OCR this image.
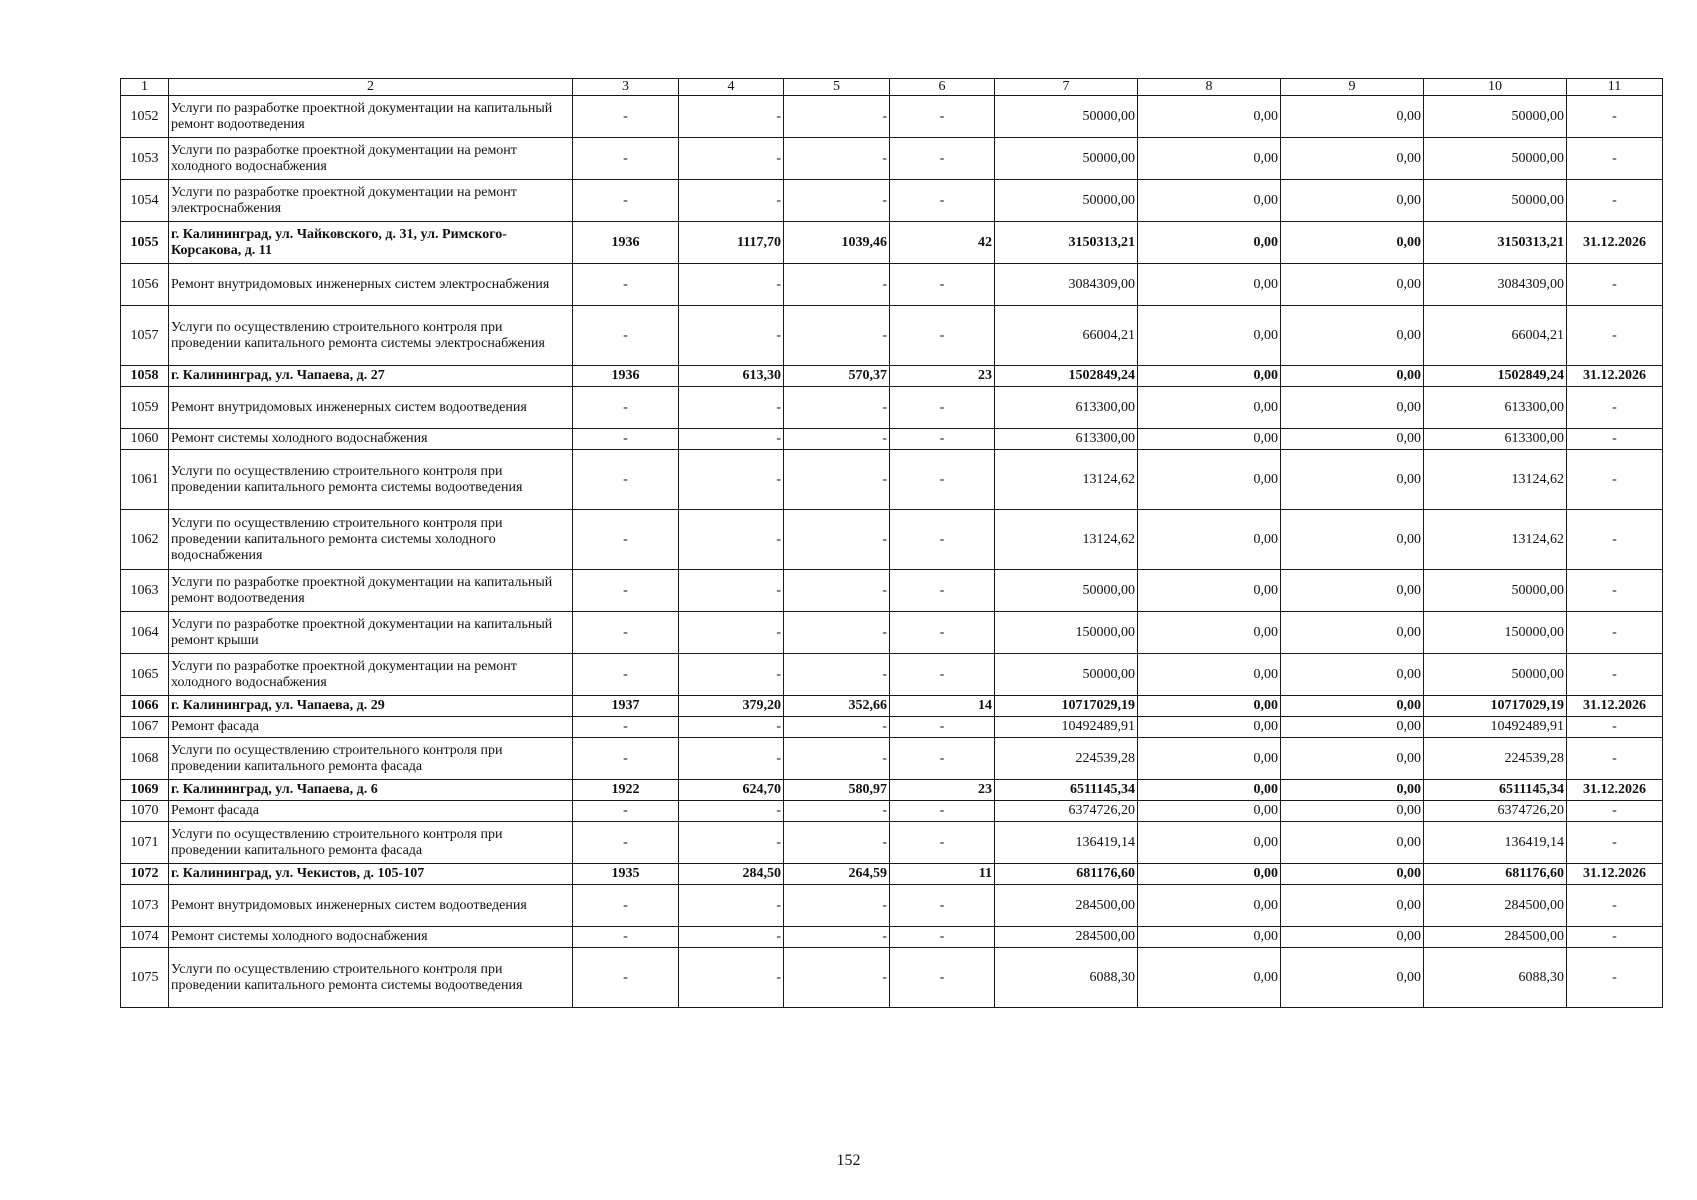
1	2	3	4	5	6	7	8	9	10	11
1052	Услуги по разработке проектной документации на капитальный ремонт водоотведения	-	-	-	-	50000,00	0,00	0,00	50000,00	-
1053	Услуги по разработке проектной документации на ремонт холодного водоснабжения	-	-	-	-	50000,00	0,00	0,00	50000,00	-
1054	Услуги по разработке проектной документации на ремонт электроснабжения	-	-	-	-	50000,00	0,00	0,00	50000,00	-
1055	г. Калининград, ул. Чайковского, д. 31, ул. Римского-Корсакова, д. 11	1936	1117,70	1039,46	42	3150313,21	0,00	0,00	3150313,21	31.12.2026
1056	Ремонт внутридомовых инженерных систем электроснабжения	-	-	-	-	3084309,00	0,00	0,00	3084309,00	-
1057	Услуги по осуществлению строительного контроля при проведении капитального ремонта системы электроснабжения	-	-	-	-	66004,21	0,00	0,00	66004,21	-
1058	г. Калининград, ул. Чапаева, д. 27	1936	613,30	570,37	23	1502849,24	0,00	0,00	1502849,24	31.12.2026
1059	Ремонт внутридомовых инженерных систем водоотведения	-	-	-	-	613300,00	0,00	0,00	613300,00	-
1060	Ремонт системы холодного водоснабжения	-	-	-	-	613300,00	0,00	0,00	613300,00	-
1061	Услуги по осуществлению строительного контроля при проведении капитального ремонта системы водоотведения	-	-	-	-	13124,62	0,00	0,00	13124,62	-
1062	Услуги по осуществлению строительного контроля при проведении капитального ремонта системы холодного водоснабжения	-	-	-	-	13124,62	0,00	0,00	13124,62	-
1063	Услуги по разработке проектной документации на капитальный ремонт водоотведения	-	-	-	-	50000,00	0,00	0,00	50000,00	-
1064	Услуги по разработке проектной документации на капитальный ремонт крыши	-	-	-	-	150000,00	0,00	0,00	150000,00	-
1065	Услуги по разработке проектной документации на ремонт холодного водоснабжения	-	-	-	-	50000,00	0,00	0,00	50000,00	-
1066	г. Калининград, ул. Чапаева, д. 29	1937	379,20	352,66	14	10717029,19	0,00	0,00	10717029,19	31.12.2026
1067	Ремонт фасада	-	-	-	-	10492489,91	0,00	0,00	10492489,91	-
1068	Услуги по осуществлению строительного контроля при проведении капитального ремонта фасада	-	-	-	-	224539,28	0,00	0,00	224539,28	-
1069	г. Калининград, ул. Чапаева, д. 6	1922	624,70	580,97	23	6511145,34	0,00	0,00	6511145,34	31.12.2026
1070	Ремонт фасада	-	-	-	-	6374726,20	0,00	0,00	6374726,20	-
1071	Услуги по осуществлению строительного контроля при проведении капитального ремонта фасада	-	-	-	-	136419,14	0,00	0,00	136419,14	-
1072	г. Калининград, ул. Чекистов, д. 105-107	1935	284,50	264,59	11	681176,60	0,00	0,00	681176,60	31.12.2026
1073	Ремонт внутридомовых инженерных систем водоотведения	-	-	-	-	284500,00	0,00	0,00	284500,00	-
1074	Ремонт системы холодного водоснабжения	-	-	-	-	284500,00	0,00	0,00	284500,00	-
1075	Услуги по осуществлению строительного контроля при проведении капитального ремонта системы водоотведения	-	-	-	-	6088,30	0,00	0,00	6088,30	-
152
